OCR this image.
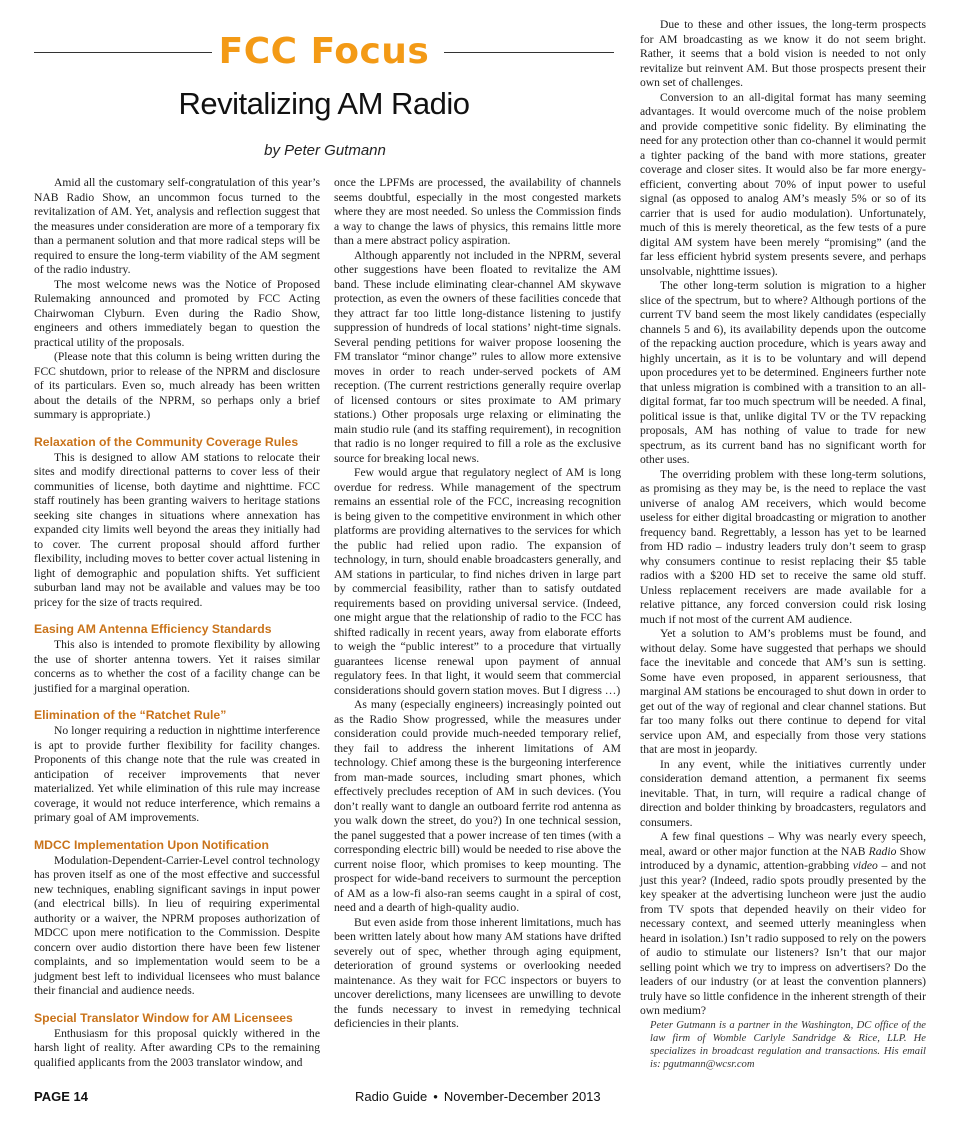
FCC Focus
Revitalizing AM Radio
by Peter Gutmann

Amid all the customary self-congratulation of this year’s NAB Radio Show, an uncommon focus turned to the revitalization of AM. Yet, analysis and reflection suggest that the measures under consideration are more of a temporary fix than a permanent solution and that more radical steps will be required to ensure the long-term viability of the AM segment of the radio industry.

The most welcome news was the Notice of Proposed Rulemaking announced and promoted by FCC Acting Chairwoman Clyburn. Even during the Radio Show, engineers and others immediately began to question the practical utility of the proposals.

(Please note that this column is being written during the FCC shutdown, prior to release of the NPRM and disclosure of its particulars. Even so, much already has been written about the details of the NPRM, so perhaps only a brief summary is appropriate.)

Relaxation of the Community Coverage Rules

This is designed to allow AM stations to relocate their sites and modify directional patterns to cover less of their communities of license, both daytime and nighttime. FCC staff routinely has been granting waivers to heritage stations seeking site changes in situations where annexation has expanded city limits well beyond the areas they initially had to cover. The current proposal should afford further flexibility, including moves to better cover actual listening in light of demographic and population shifts. Yet sufficient suburban land may not be available and values may be too pricey for the size of tracts required.

Easing AM Antenna Efficiency Standards

This also is intended to promote flexibility by allowing the use of shorter antenna towers. Yet it raises similar concerns as to whether the cost of a facility change can be justified for a marginal operation.

Elimination of the “Ratchet Rule”

No longer requiring a reduction in nighttime interference is apt to provide further flexibility for facility changes. Proponents of this change note that the rule was created in anticipation of receiver improvements that never materialized. Yet while elimination of this rule may increase coverage, it would not reduce interference, which remains a primary goal of AM improvements.

MDCC Implementation Upon Notification

Modulation-Dependent-Carrier-Level control technology has proven itself as one of the most effective and successful new techniques, enabling significant savings in input power (and electrical bills). In lieu of requiring experimental authority or a waiver, the NPRM proposes authorization of MDCC upon mere notification to the Commission. Despite concern over audio distortion there have been few listener complaints, and so implementation would seem to be a judgment best left to individual licensees who must balance their financial and audience needs.

Special Translator Window for AM Licensees

Enthusiasm for this proposal quickly withered in the harsh light of reality. After awarding CPs to the remaining qualified applicants from the 2003 translator window, and

once the LPFMs are processed, the availability of channels seems doubtful, especially in the most congested markets where they are most needed. So unless the Commission finds a way to change the laws of physics, this remains little more than a mere abstract policy aspiration.

Although apparently not included in the NPRM, several other suggestions have been floated to revitalize the AM band. These include eliminating clear-channel AM skywave protection, as even the owners of these facilities concede that they attract far too little long-distance listening to justify suppression of hundreds of local stations’ night-time signals. Several pending petitions for waiver propose loosening the FM translator “minor change” rules to allow more extensive moves in order to reach under-served pockets of AM reception. (The current restrictions generally require overlap of licensed contours or sites proximate to AM primary stations.) Other proposals urge relaxing or eliminating the main studio rule (and its staffing requirement), in recognition that radio is no longer required to fill a role as the exclusive source for breaking local news.

Few would argue that regulatory neglect of AM is long overdue for redress. While management of the spectrum remains an essential role of the FCC, increasing recognition is being given to the competitive environment in which other platforms are providing alternatives to the services for which the public had relied upon radio. The expansion of technology, in turn, should enable broadcasters generally, and AM stations in particular, to find niches driven in large part by commercial feasibility, rather than to satisfy outdated requirements based on providing universal service. (Indeed, one might argue that the relationship of radio to the FCC has shifted radically in recent years, away from elaborate efforts to weigh the “public interest” to a procedure that virtually guarantees license renewal upon payment of annual regulatory fees. In that light, it would seem that commercial considerations should govern station moves. But I digress …)

As many (especially engineers) increasingly pointed out as the Radio Show progressed, while the measures under consideration could provide much-needed temporary relief, they fail to address the inherent limitations of AM technology. Chief among these is the burgeoning interference from man-made sources, including smart phones, which effectively precludes reception of AM in such devices. (You don’t really want to dangle an outboard ferrite rod antenna as you walk down the street, do you?) In one technical session, the panel suggested that a power increase of ten times (with a corresponding electric bill) would be needed to rise above the current noise floor, which promises to keep mounting. The prospect for wide-band receivers to surmount the perception of AM as a low-fi also-ran seems caught in a spiral of cost, need and a dearth of high-quality audio.

But even aside from those inherent limitations, much has been written lately about how many AM stations have drifted severely out of spec, whether through aging equipment, deterioration of ground systems or overlooking needed maintenance. As they wait for FCC inspectors or buyers to uncover derelictions, many licensees are unwilling to devote the funds necessary to invest in remedying technical deficiencies in their plants.

Due to these and other issues, the long-term prospects for AM broadcasting as we know it do not seem bright. Rather, it seems that a bold vision is needed to not only revitalize but reinvent AM. But those prospects present their own set of challenges.

Conversion to an all-digital format has many seeming advantages. It would overcome much of the noise problem and provide competitive sonic fidelity. By eliminating the need for any protection other than co-channel it would permit a tighter packing of the band with more stations, greater coverage and closer sites. It would also be far more energy-efficient, converting about 70% of input power to useful signal (as opposed to analog AM’s measly 5% or so of its carrier that is used for audio modulation). Unfortunately, much of this is merely theoretical, as the few tests of a pure digital AM system have been merely “promising” (and the far less efficient hybrid system presents severe, and perhaps unsolvable, nighttime issues).

The other long-term solution is migration to a higher slice of the spectrum, but to where? Although portions of the current TV band seem the most likely candidates (especially channels 5 and 6), its availability depends upon the outcome of the repacking auction procedure, which is years away and highly uncertain, as it is to be voluntary and will depend upon procedures yet to be determined. Engineers further note that unless migration is combined with a transition to an all-digital format, far too much spectrum will be needed. A final, political issue is that, unlike digital TV or the TV repacking proposals, AM has nothing of value to trade for new spectrum, as its current band has no significant worth for other uses.

The overriding problem with these long-term solutions, as promising as they may be, is the need to replace the vast universe of analog AM receivers, which would become useless for either digital broadcasting or migration to another frequency band. Regrettably, a lesson has yet to be learned from HD radio – industry leaders truly don’t seem to grasp why consumers continue to resist replacing their $5 table radios with a $200 HD set to receive the same old stuff. Unless replacement receivers are made available for a relative pittance, any forced conversion could risk losing much if not most of the current AM audience.

Yet a solution to AM’s problems must be found, and without delay. Some have suggested that perhaps we should face the inevitable and concede that AM’s sun is setting. Some have even proposed, in apparent seriousness, that marginal AM stations be encouraged to shut down in order to get out of the way of regional and clear channel stations. But far too many folks out there continue to depend for vital service upon AM, and especially from those very stations that are most in jeopardy.

In any event, while the initiatives currently under consideration demand attention, a permanent fix seems inevitable. That, in turn, will require a radical change of direction and bolder thinking by broadcasters, regulators and consumers.

A few final questions – Why was nearly every speech, meal, award or other major function at the NAB Radio Show introduced by a dynamic, attention-grabbing video – and not just this year? (Indeed, radio spots proudly presented by the key speaker at the advertising luncheon were just the audio from TV spots that depended heavily on their video for necessary context, and seemed utterly meaningless when heard in isolation.) Isn’t radio supposed to rely on the powers of audio to stimulate our listeners? Isn’t that our major selling point which we try to impress on advertisers? Do the leaders of our industry (or at least the convention planners) truly have so little confidence in the inherent strength of their own medium?

Peter Gutmann is a partner in the Washington, DC office of the law firm of Womble Carlyle Sandridge & Rice, LLP. He specializes in broadcast regulation and transactions. His email is: pgutmann@wcsr.com

PAGE 14	Radio Guide • November-December 2013
